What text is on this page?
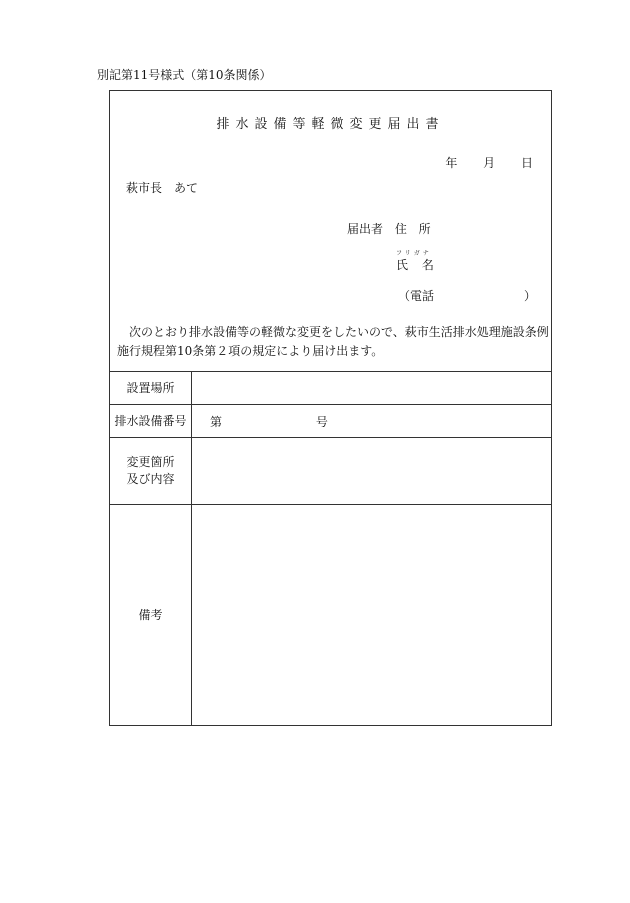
別記第11号様式（第10条関係）
排水設備等軽微変更届出書
年 月 日
萩市長　あて
届出者 住 所
フリガナ
氏 名
（電話	）
次のとおり排水設備等の軽微な変更をしたいので、萩市生活排水処理施設条例施行規程第10条第２項の規定により届け出ます。
設置場所	
排水設備番号	第 号

変更箇所
及び内容	

備考	
